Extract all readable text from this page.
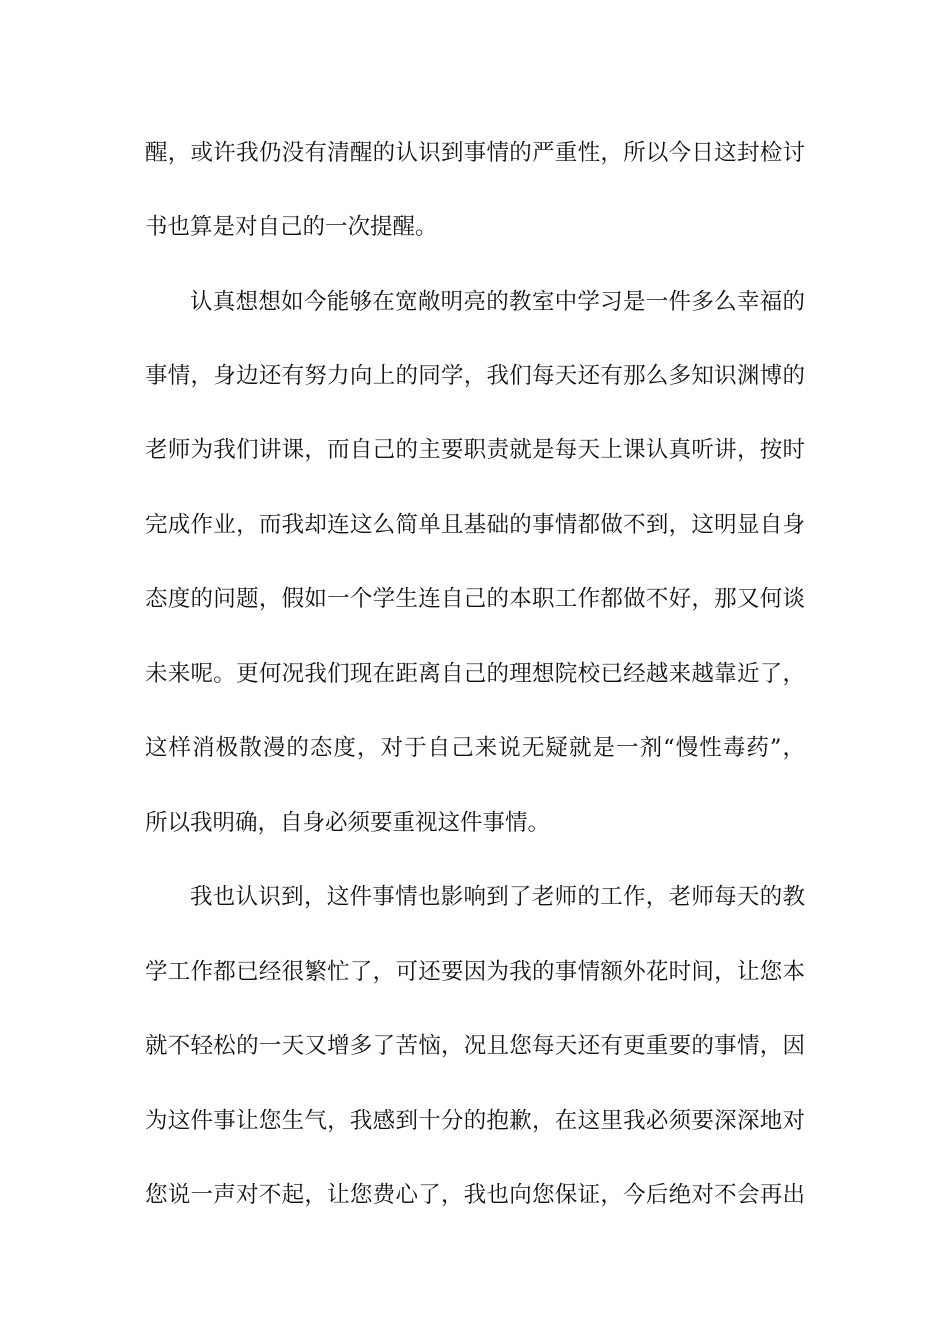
醒，或许我仍没有清醒的认识到事情的严重性，所以今日这封检讨
书也算是对自己的一次提醒。
认真想想如今能够在宽敞明亮的教室中学习是一件多么幸福的
事情，身边还有努力向上的同学，我们每天还有那么多知识渊博的
老师为我们讲课，而自己的主要职责就是每天上课认真听讲，按时
完成作业，而我却连这么简单且基础的事情都做不到，这明显自身
态度的问题，假如一个学生连自己的本职工作都做不好，那又何谈
未来呢。更何况我们现在距离自己的理想院校已经越来越靠近了，
这样消极散漫的态度，对于自己来说无疑就是一剂“慢性毒药”，
所以我明确，自身必须要重视这件事情。
我也认识到，这件事情也影响到了老师的工作，老师每天的教
学工作都已经很繁忙了，可还要因为我的事情额外花时间，让您本
就不轻松的一天又增多了苦恼，况且您每天还有更重要的事情，因
为这件事让您生气，我感到十分的抱歉，在这里我必须要深深地对
您说一声对不起，让您费心了，我也向您保证，今后绝对不会再出
